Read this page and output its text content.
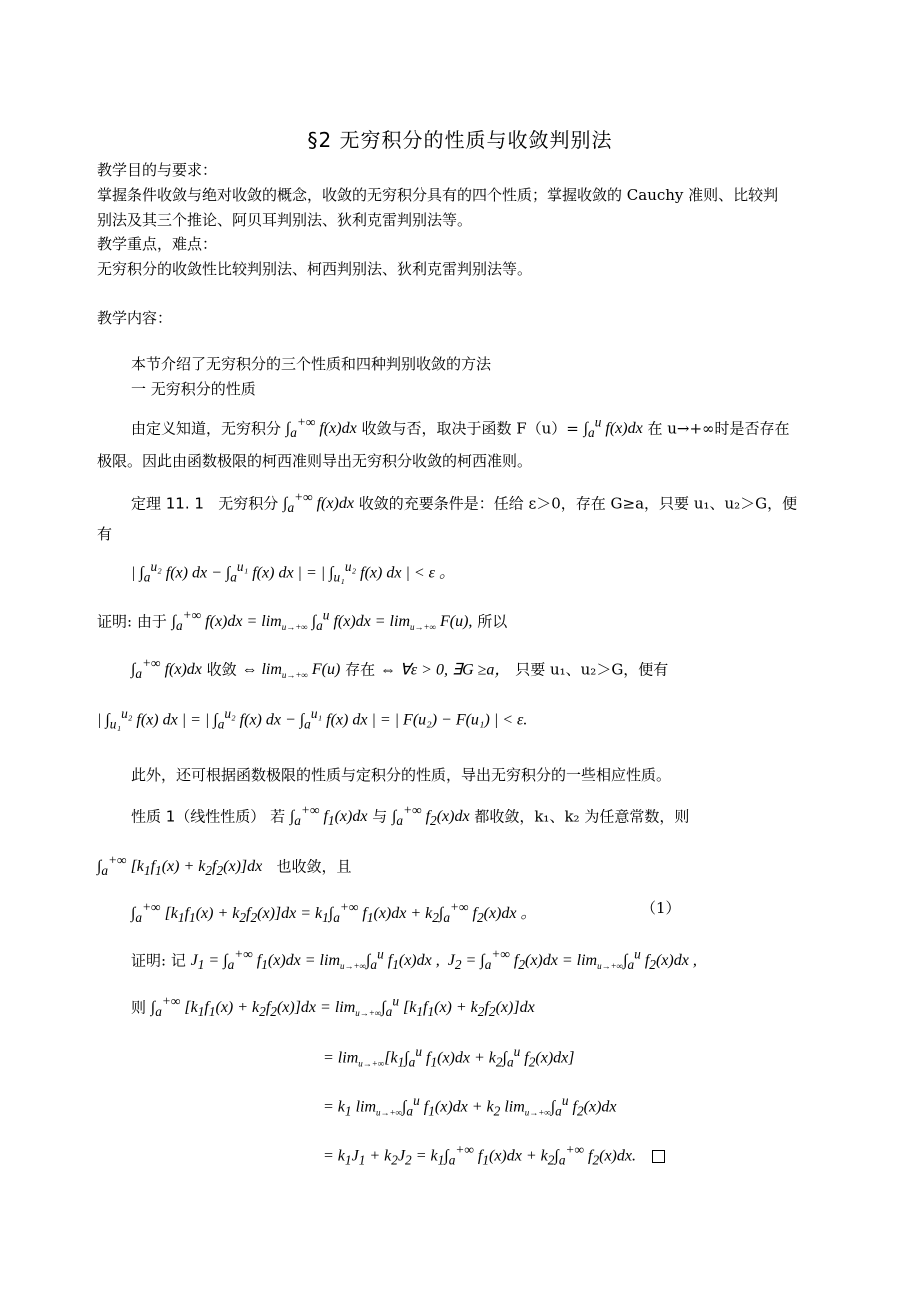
§2 无穷积分的性质与收敛判别法
教学目的与要求：
掌握条件收敛与绝对收敛的概念，收敛的无穷积分具有的四个性质；掌握收敛的 Cauchy 准则、比较判
别法及其三个推论、阿贝耳判别法、狄利克雷判别法等。
教学重点，难点：
无穷积分的收敛性比较判别法、柯西判别法、狄利克雷判别法等。
教学内容：
本节介绍了无穷积分的三个性质和四种判别收敛的方法
一 无穷积分的性质
由定义知道，无穷积分 $\int_a^{+\infty}$ f(x)dx 收敛与否，取决于函数 $F(u)= \int_a^u$ f(x)dx 在 u→+∞时是否存在
极限。因此由函数极限的柯西准则导出无穷积分收敛的柯西准则。
定理 11. 1 无穷积分 $\int_a^{+\infty}$ f(x)dx 收敛的充要条件是：任给 ε＞0，存在 G≥a，只要 u₁、u₂＞G，便
有
| $\int_a^{u_2}$ f(x) dx − $\int_a^{u_1}$ f(x) dx | = | $\int_{u_1}^{u_2}$ f(x) dx | < ε 。
证明: 由于 $\int_a^{+\infty}$ $f(x)dx = \lim_{u\to+\infty} \int_a^u$ $f(x)dx = \lim_{u\to+\infty} F(u)$, 所以
$\int_a^{+\infty}$ f(x)dx 收敛 ⇔ $\lim_{u\to+\infty} F(u)$ 存在 ⇔ ∀ε > 0, ∃G ≥a， 只要 u₁、u₂＞G，便有
| $\int_{u_1}^{u_2}$ f(x) dx | = | $\int_a^{u_2}$ f(x) dx − $\int_a^{u_1}$ f(x) dx | = | F(u₂) − F(u₁) | < ε.
此外，还可根据函数极限的性质与定积分的性质，导出无穷积分的一些相应性质。
性质 1（线性性质） 若 $\int_a^{+\infty}$ $f_1(x)dx$ 与 $\int_a^{+\infty}$ $f_2(x)dx$ 都收敛，k₁、k₂ 为任意常数，则
$\int_a^{+\infty}$ $[k_1f_1(x) + k_2f_2(x)]dx$ 也收敛，且
$\int_a^{+\infty}$ $[k_1f_1(x) + k_2f_2(x)]dx = k_1\int_a^{+\infty}$ $f_1(x)dx + k_2\int_a^{+\infty}$ $f_2(x)dx$ 。	（1）
证明: 记 $J_1 = \int_a^{+\infty}$ $f_1(x)dx = \lim_{u\to+\infty}\int_a^u$ $f_1(x)dx$ ,  $J_2 = \int_a^{+\infty}$ $f_2(x)dx = \lim_{u\to+\infty}\int_a^u$ $f_2(x)dx$ ,
则 $\int_a^{+\infty}$ $[k_1f_1(x) + k_2f_2(x)]dx = \lim_{u\to+\infty}\int_a^u$ $[k_1f_1(x) + k_2f_2(x)]dx$
= $\lim_{u\to+\infty}[k_1\int_a^u$ $f_1(x)dx + k_2\int_a^u$ $f_2(x)dx$]
= $k_1$ $\lim_{u\to+\infty}\int_a^u$ $f_1(x)dx + k_2$ $\lim_{u\to+\infty}\int_a^u$ $f_2(x)dx$
= $k_1J_1 + k_2J_2 = k_1\int_a^{+\infty}$ $f_1(x)dx + k_2\int_a^{+\infty}$ $f_2(x)dx$.
